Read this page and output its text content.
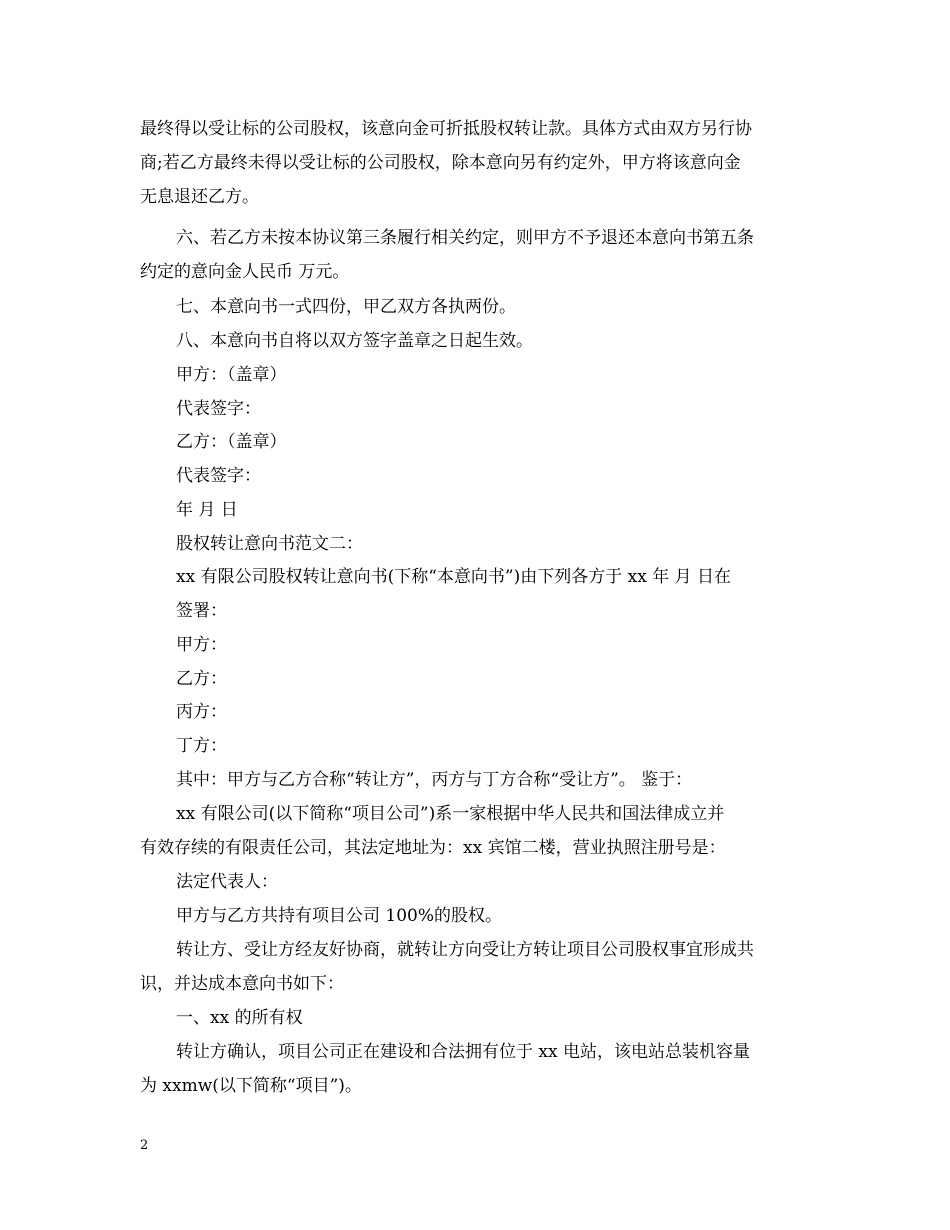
最终得以受让标的公司股权，该意向金可折抵股权转让款。具体方式由双方另行协
商;若乙方最终未得以受让标的公司股权，除本意向另有约定外，甲方将该意向金
无息退还乙方。
六、若乙方未按本协议第三条履行相关约定，则甲方不予退还本意向书第五条
约定的意向金人民币 万元。
七、本意向书一式四份，甲乙双方各执两份。
八、本意向书自将以双方签字盖章之日起生效。
甲方：（盖章）
代表签字：
乙方：（盖章）
代表签字：
年 月 日
股权转让意向书范文二：
xx 有限公司股权转让意向书(下称“本意向书”)由下列各方于 xx 年 月 日在
签署：
甲方：
乙方：
丙方：
丁方：
其中：甲方与乙方合称“转让方”，丙方与丁方合称“受让方”。 鉴于：
xx 有限公司(以下简称“项目公司”)系一家根据中华人民共和国法律成立并
有效存续的有限责任公司，其法定地址为：xx 宾馆二楼，营业执照注册号是：
法定代表人：
甲方与乙方共持有项目公司 100%的股权。
转让方、受让方经友好协商，就转让方向受让方转让项目公司股权事宜形成共
识，并达成本意向书如下：
一、xx 的所有权
转让方确认，项目公司正在建设和合法拥有位于 xx 电站，该电站总装机容量
为 xxmw(以下简称“项目”)。
2
